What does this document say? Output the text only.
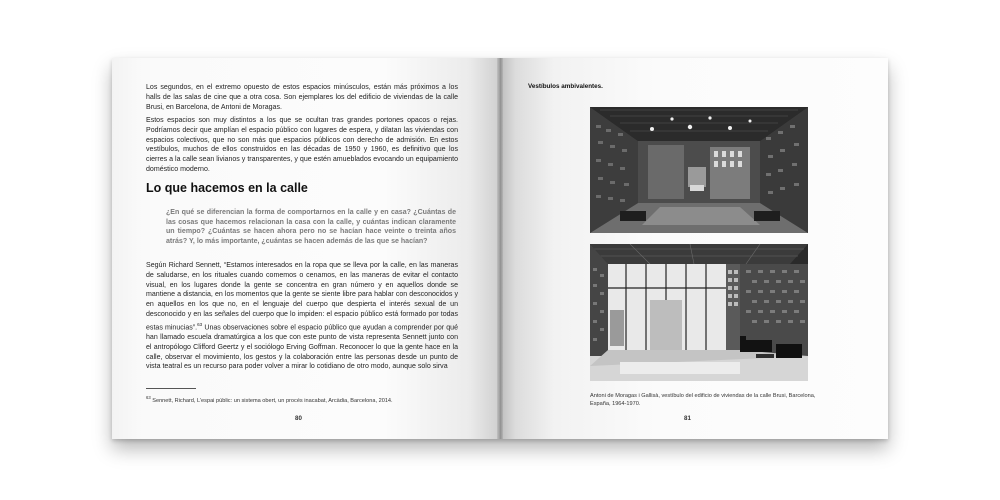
Los segundos, en el extremo opuesto de estos espacios minúsculos, están más próximos a los halls de las salas de cine que a otra cosa. Son ejemplares los del edificio de viviendas de la calle Brusi, en Barcelona, de Antoni de Moragas.
Estos espacios son muy distintos a los que se ocultan tras grandes portones opacos o rejas. Podríamos decir que amplían el espacio público con lugares de espera, y dilatan las viviendas con espacios colectivos, que no son más que espacios públicos con derecho de admisión. En estos vestíbulos, muchos de ellos construidos en las décadas de 1950 y 1960, es definitivo que los cierres a la calle sean livianos y transparentes, y que estén amueblados evocando un equipamiento doméstico moderno.
Lo que hacemos en la calle
¿En qué se diferencian la forma de comportarnos en la calle y en casa? ¿Cuántas de las cosas que hacemos relacionan la casa con la calle, y cuántas indican claramente un tiempo? ¿Cuántas se hacen ahora pero no se hacían hace veinte o treinta años atrás? Y, lo más importante, ¿cuántas se hacen además de las que se hacían?
Según Richard Sennett, “Estamos interesados en la ropa que se lleva por la calle, en las maneras de saludarse, en los rituales cuando comemos o cenamos, en las maneras de evitar el contacto visual, en los lugares donde la gente se concentra en gran número y en aquellos donde se mantiene a distancia, en los momentos que la gente se siente libre para hablar con desconocidos y en aquellos en los que no, en el lenguaje del cuerpo que despierta el interés sexual de un desconocido y en las señales del cuerpo que lo impiden: el espacio público está formado por todas estas minucias”.$^{63}$ Unas observaciones sobre el espacio público que ayudan a comprender por qué han llamado escuela dramatúrgica a los que con este punto de vista representa Sennett junto con el antropólogo Clifford Geertz y el sociólogo Erving Goffman. Reconocer lo que la gente hace en la calle, observar el movimiento, los gestos y la colaboración entre las personas desde un punto de vista teatral es un recurso para poder volver a mirar lo cotidiano de otro modo, aunque solo sirva
$^{63}$ Sennett, Richard, L’espai públic: un sistema obert, un procés inacabat, Arcàdia, Barcelona, 2014.
80
Vestíbulos ambivalentes.
Antoni de Moragas i Gallisà, vestíbulo del edificio de viviendas de la calle Brusi, Barcelona, España, 1964-1970.
81
